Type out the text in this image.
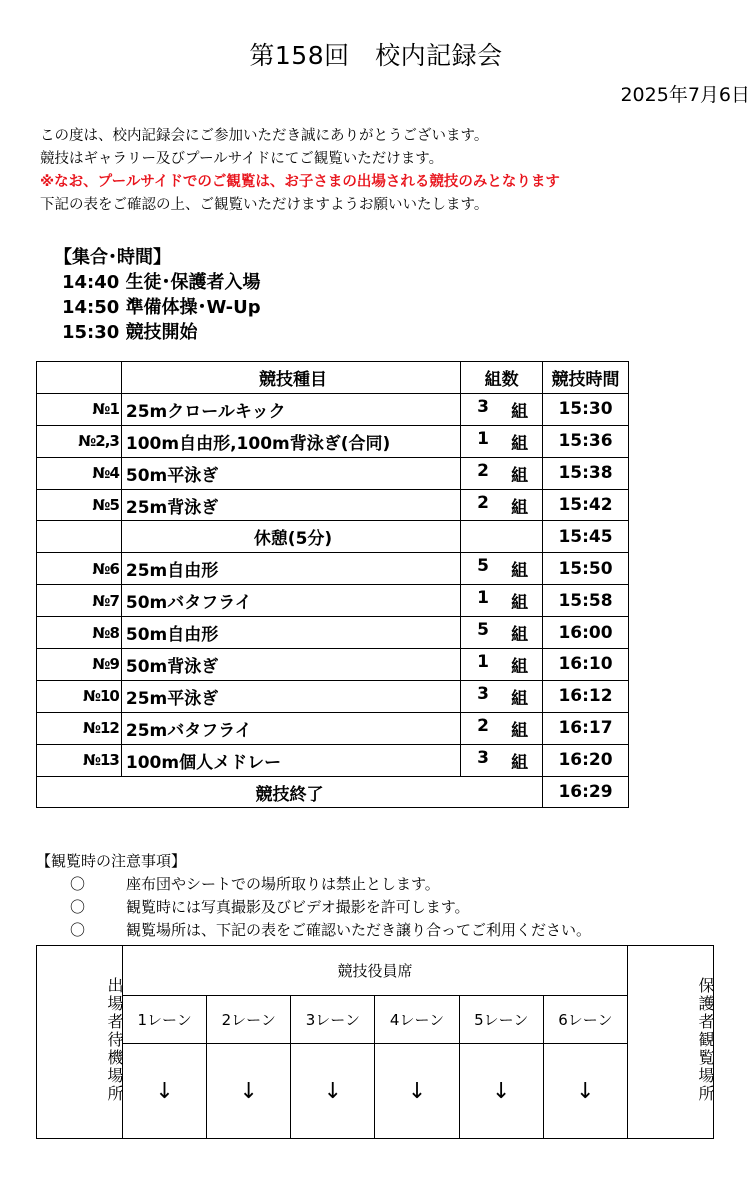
第158回　校内記録会
2025年7月6日
この度は、校内記録会にご参加いただき誠にありがとうございます。
競技はギャラリー及びプールサイドにてご観覧いただけます。
※なお、プールサイドでのご観覧は、お子さまの出場される競技のみとなります
下記の表をご確認の上、ご観覧いただけますようお願いいたします。
【集合･時間】
14:40 生徒･保護者入場
14:50 準備体操･W-Up
15:30 競技開始
	競技種目	組数	競技時間
№1	25mクロールキック	3 組	15:30
№2,3	100m自由形,100m背泳ぎ(合同)	1 組	15:36
№4	50m平泳ぎ	2 組	15:38
№5	25m背泳ぎ	2 組	15:42
	休憩(5分)		15:45
№6	25m自由形	5 組	15:50
№7	50mバタフライ	1 組	15:58
№8	50m自由形	5 組	16:00
№9	50m背泳ぎ	1 組	16:10
№10	25m平泳ぎ	3 組	16:12
№12	25mバタフライ	2 組	16:17
№13	100m個人メドレー	3 組	16:20
競技終了			16:29
【観覧時の注意事項】
〇	座布団やシートでの場所取りは禁止とします。
〇	観覧時には写真撮影及びビデオ撮影を許可します。
〇	観覧場所は、下記の表をご確認いただき譲り合ってご利用ください。
出場者待機場所	競技役員席						保護者観覧場所
	1レーン	2レーン	3レーン	4レーン	5レーン	6レーン	
	↓	↓	↓	↓	↓	↓	
